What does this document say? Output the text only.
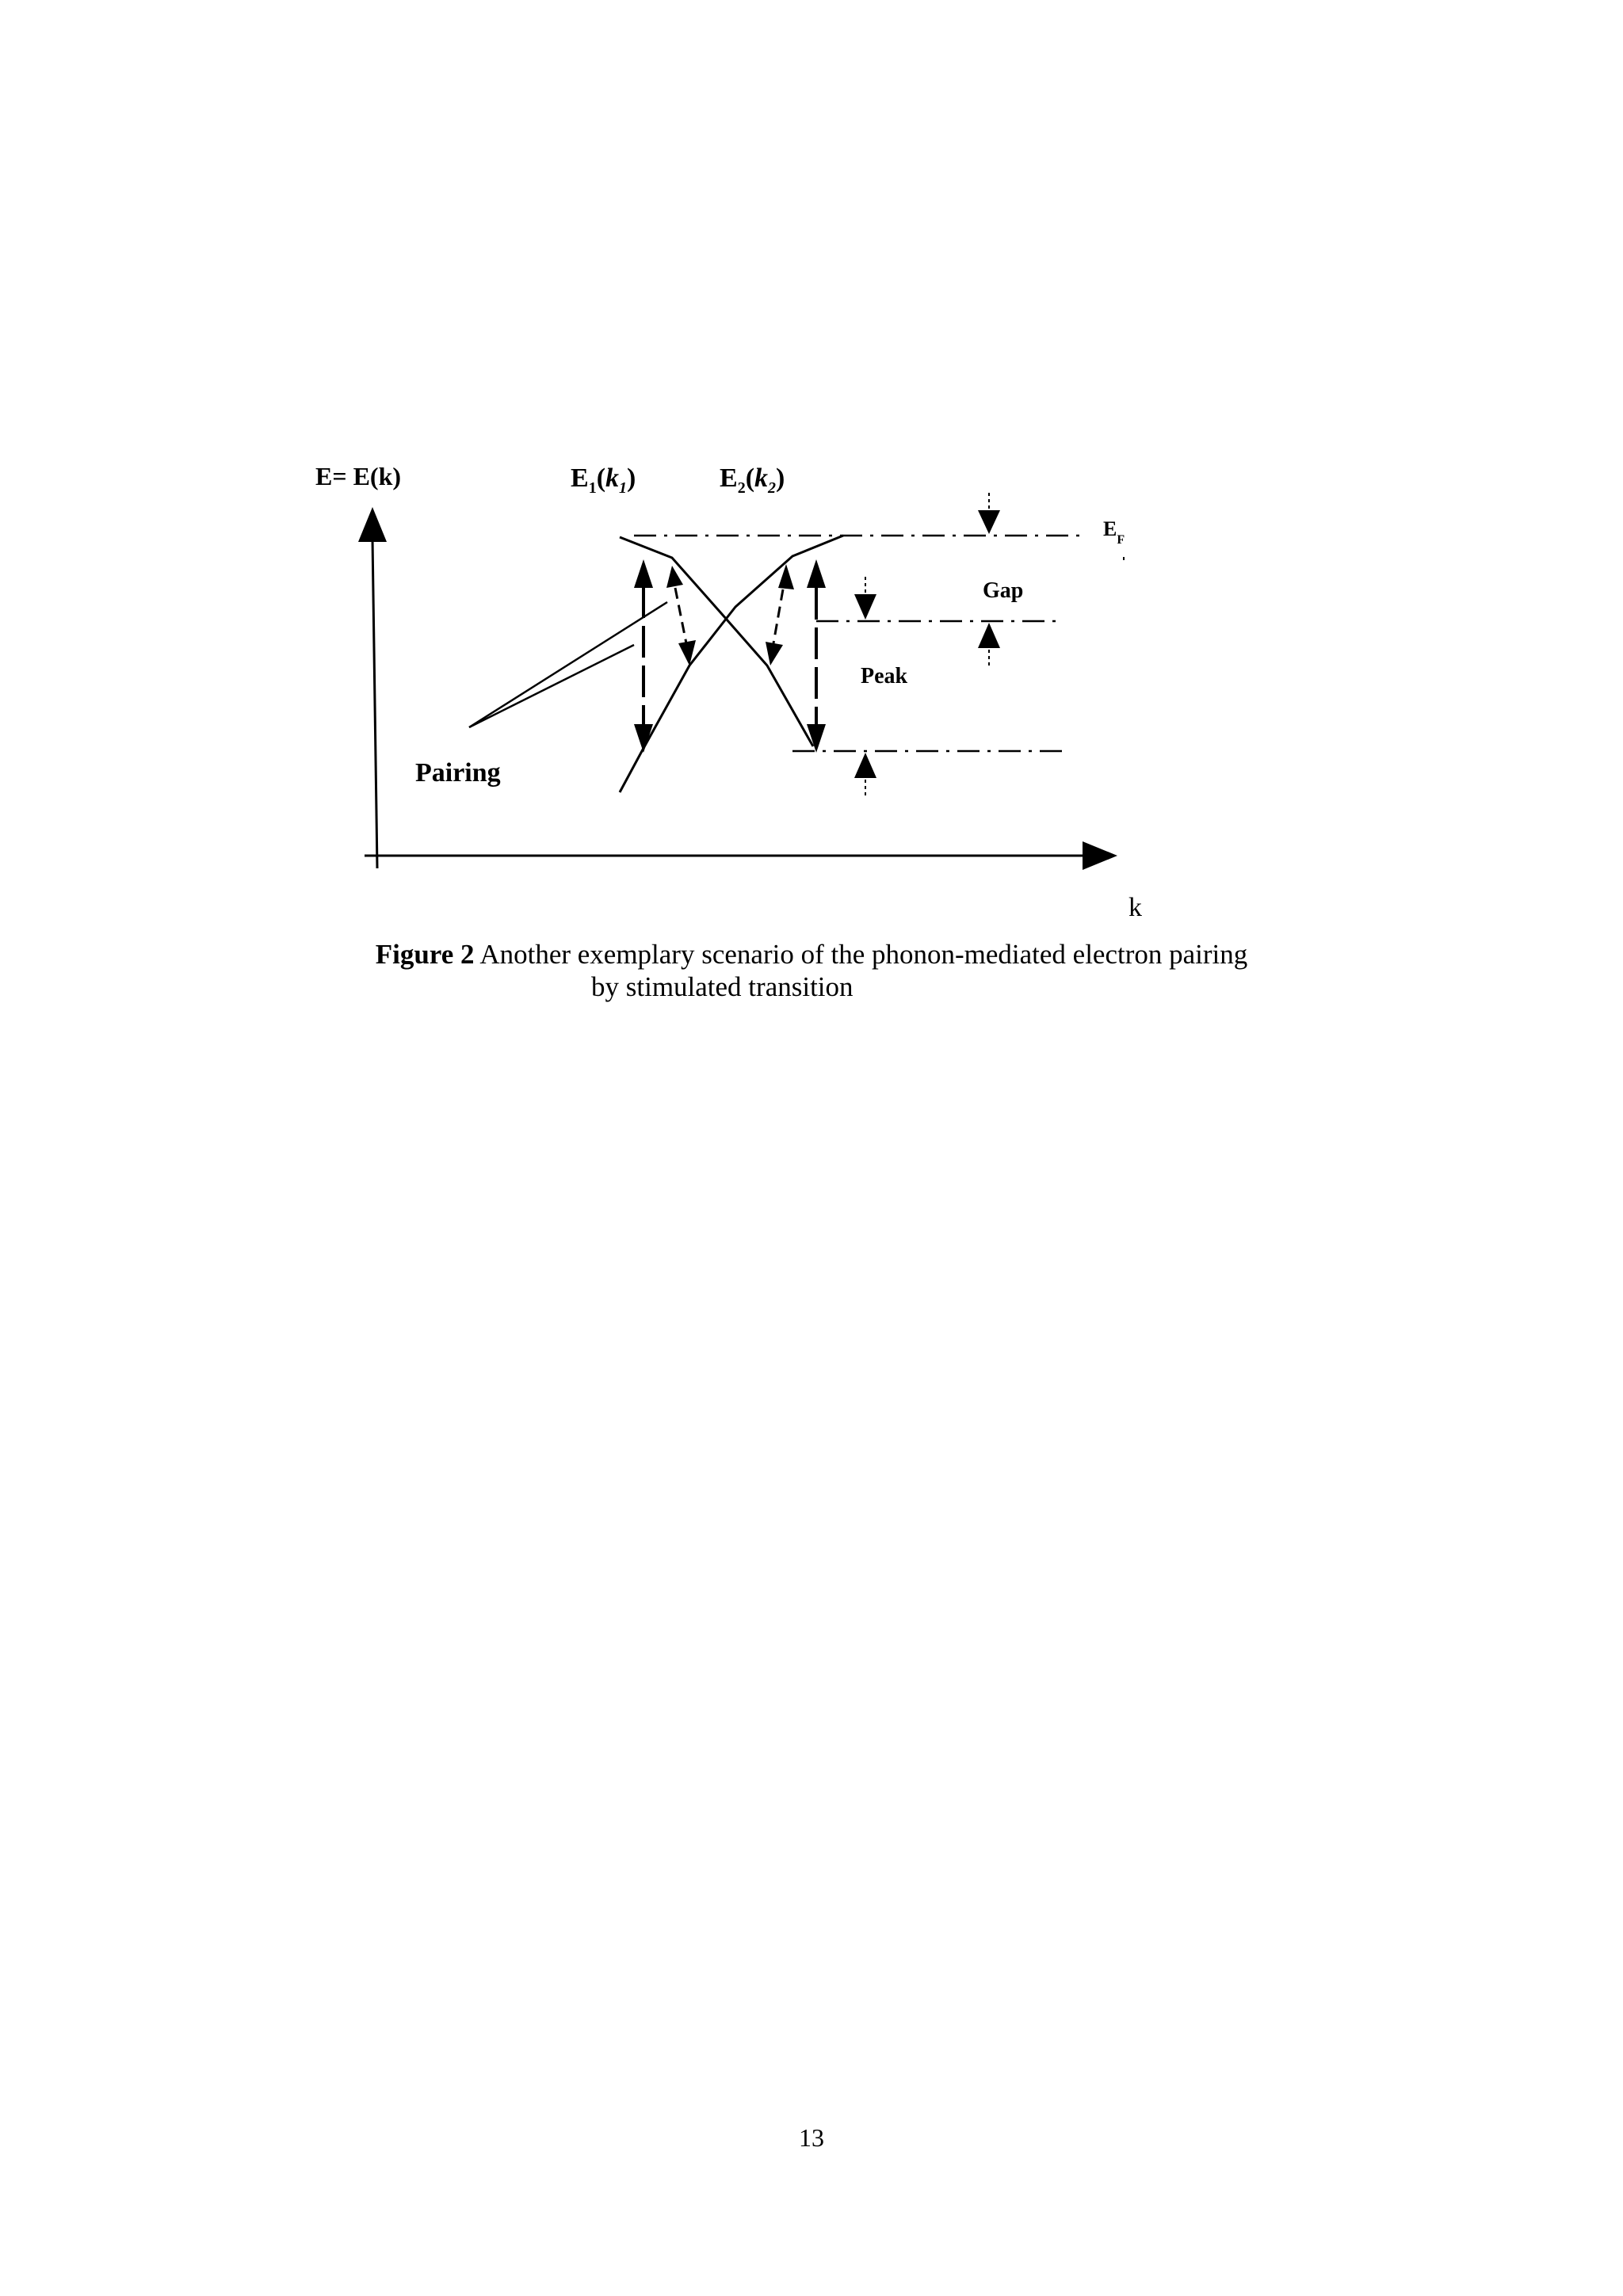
E= E(k)
k
$E_1(k_1)$	$E_2(k_2)$
$E_F$
Gap
Peak
Pairing
Figure 2 Another exemplary scenario of the phonon-mediated electron pairing
by stimulated transition
13
